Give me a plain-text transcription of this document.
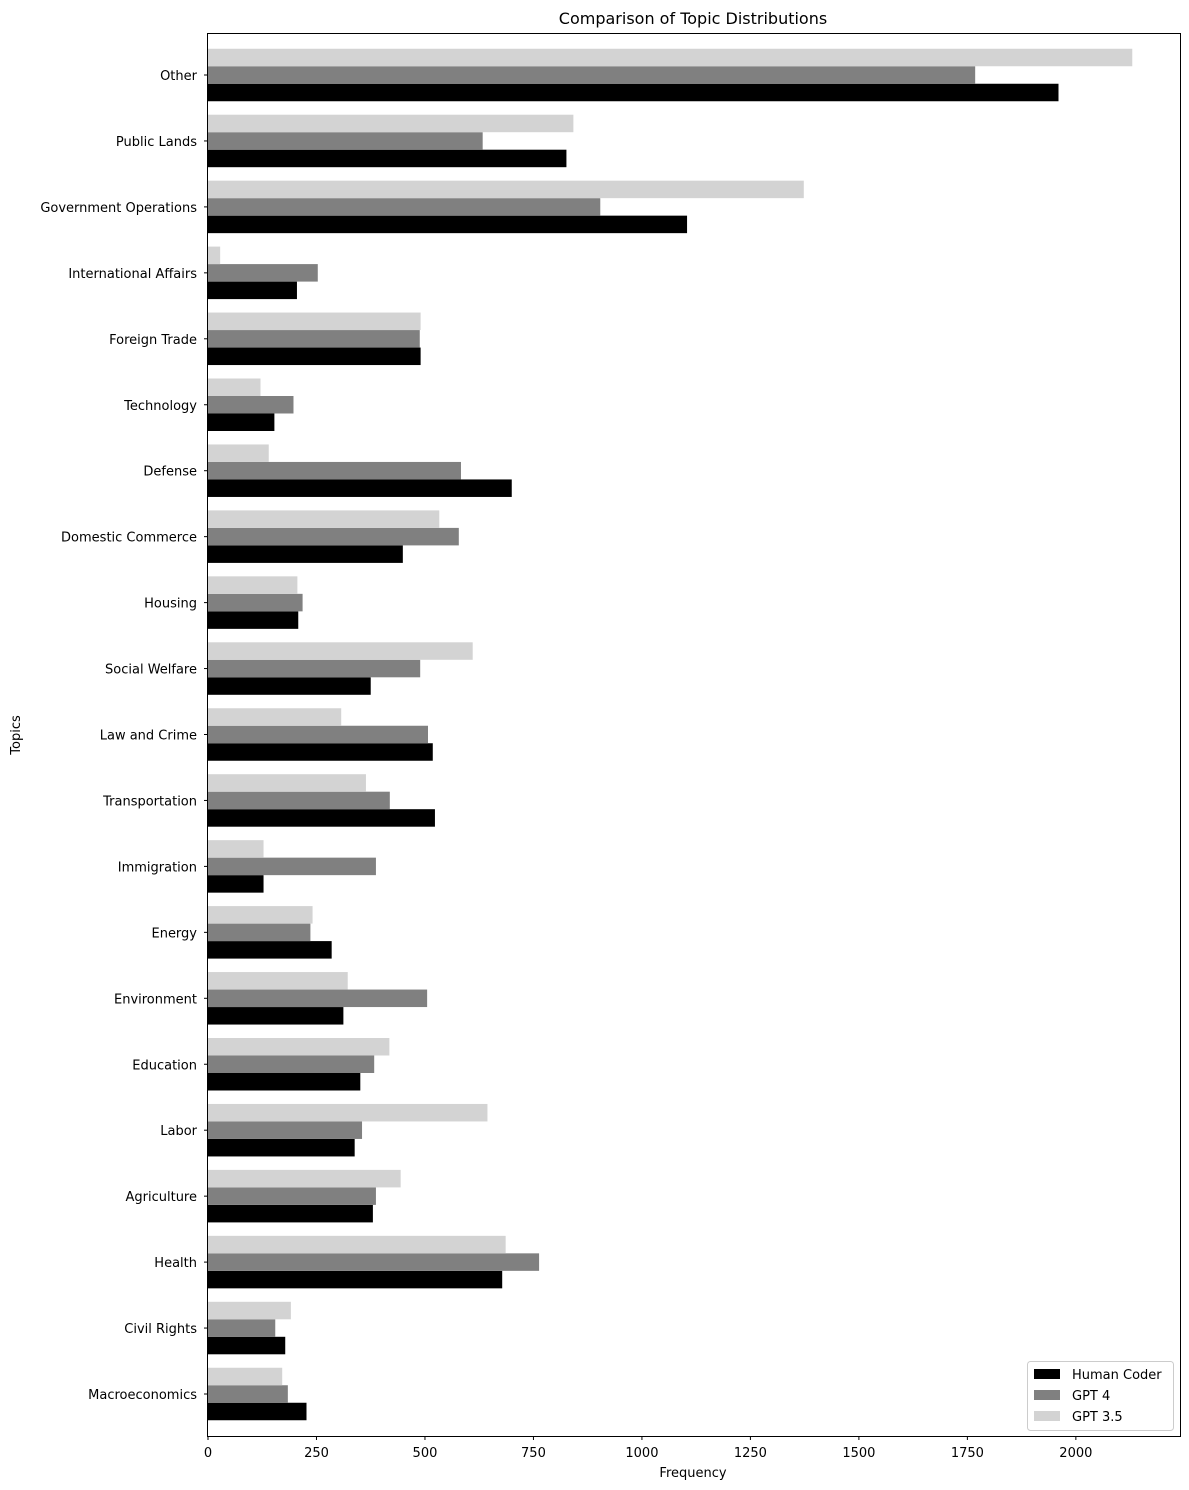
Comparison of Topic Distributions
Macroeconomics
Civil Rights
Health
Agriculture
Labor
Education
Environment
Energy
Immigration
Transportation
Law and Crime
Social Welfare
Housing
Domestic Commerce
Defense
Technology
Foreign Trade
International Affairs
Government Operations
Public Lands
Other
0	250	500	750	1000	1250	1500	1750	2000
Frequency
Topics
Human Coder
GPT 4
GPT 3.5
